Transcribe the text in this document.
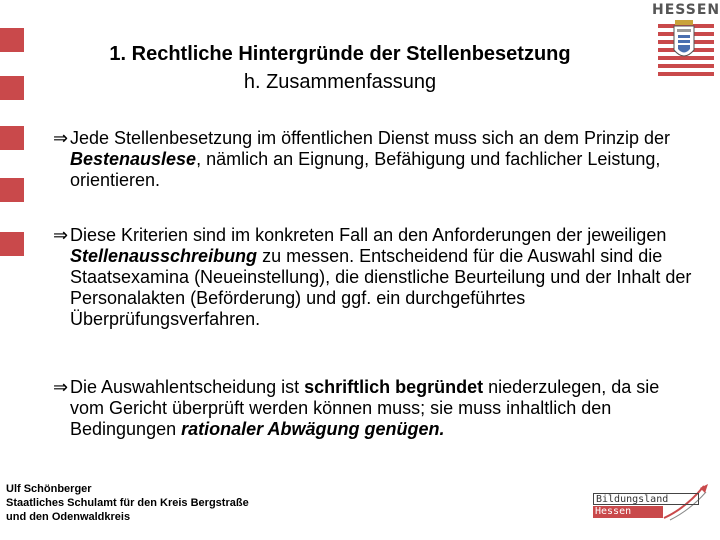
1. Rechtliche Hintergründe der Stellenbesetzung
h. Zusammenfassung
HESSEN
⇒ Jede Stellenbesetzung im öffentlichen Dienst muss sich an dem Prinzip der Bestenauslese, nämlich an Eignung, Befähigung und fachlicher Leistung, orientieren.
⇒ Diese Kriterien sind im konkreten Fall an den Anforderungen der jeweiligen Stellenausschreibung zu messen. Entscheidend für die Auswahl sind die Staatsexamina (Neueinstellung), die dienstliche Beurteilung und der Inhalt der Personalakten (Beförderung) und ggf. ein durchgeführtes Überprüfungsverfahren.
⇒ Die Auswahlentscheidung ist schriftlich begründet niederzulegen, da sie vom Gericht überprüft werden können muss; sie muss inhaltlich den Bedingungen rationaler Abwägung genügen.
Ulf Schönberger
Staatliches Schulamt für den Kreis Bergstraße
und den Odenwaldkreis
Bildungsland
Hessen
